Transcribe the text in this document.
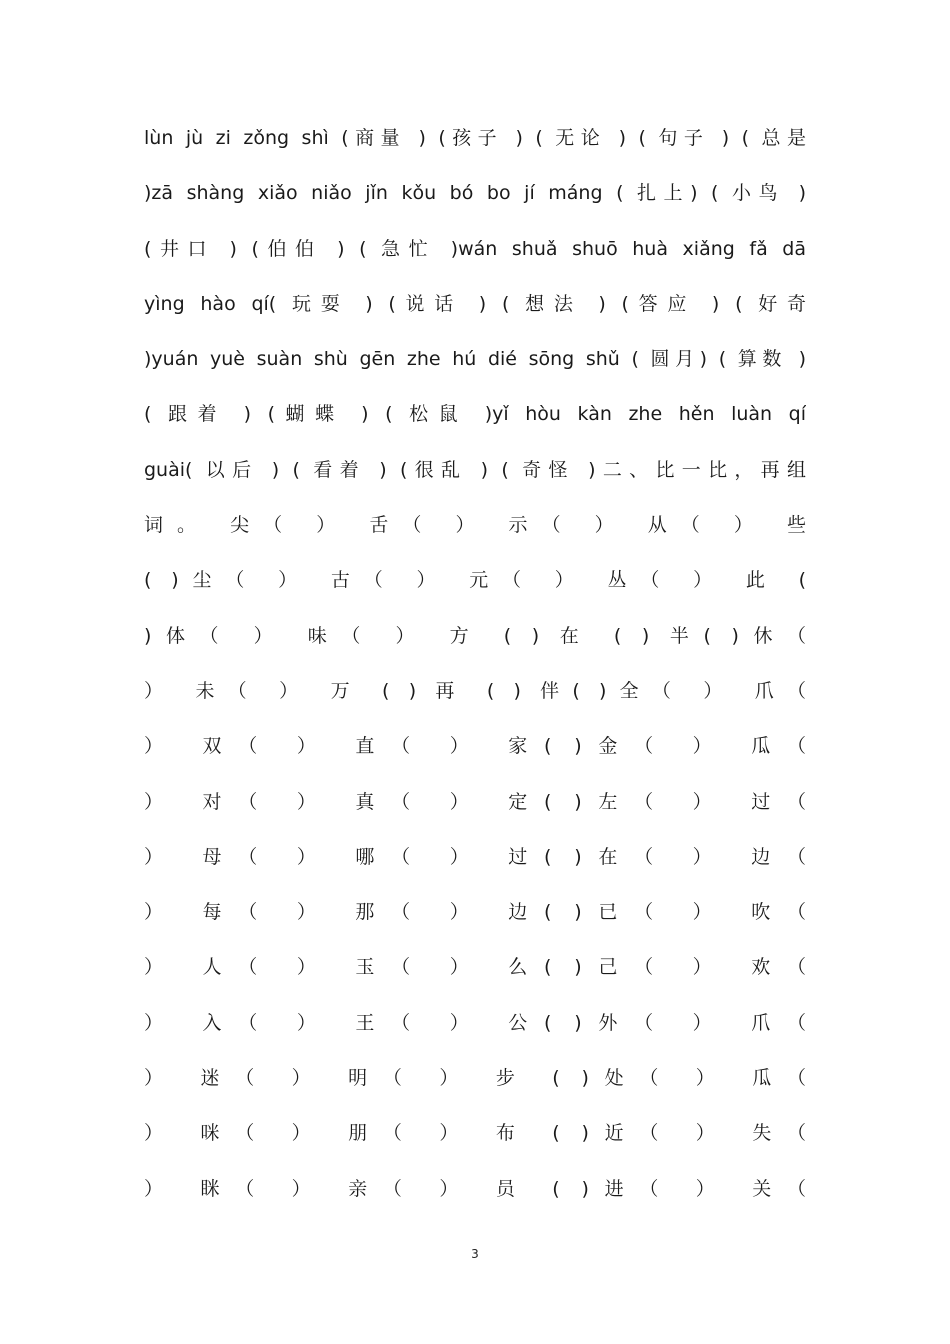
lùn jù zi zǒng shì (商量 ) (孩子 ) ( 无论 ) ( 句子 ) ( 总是
)zā shàng xiǎo niǎo jǐn kǒu bó bo jí máng ( 扎上) ( 小鸟 )
(井口 ) (伯伯 ) ( 急忙 )wán shuǎ shuō huà xiǎng fǎ dā
yìng hào qí( 玩耍 ) (说话 ) ( 想法 ) (答应 ) ( 好奇
)yuán yuè suàn shù gēn zhe hú dié sōng shǔ ( 圆月) ( 算数 )
( 跟着 ) (蝴蝶 ) ( 松鼠 )yǐ hòu kàn zhe hěn luàn qí
guài( 以后 ) ( 看着 ) (很乱 ) ( 奇怪 )二、比一比，再组
词。 尖（ ） 舌（ ） 示（ ） 从（ ） 些
( )尘（ ） 古（ ） 元（ ） 丛（ ） 此 (
)体（ ） 味（ ） 方 ( ) 在 ( ) 半( )休（
） 未（ ） 万 ( ) 再 ( ) 伴( )全（ ） 爪（
） 双（ ） 直（ ） 家( )金（ ） 瓜（
） 对（ ） 真（ ） 定( )左（ ） 过（
） 母（ ） 哪（ ） 过( )在（ ） 边（
） 每（ ） 那（ ） 边( )已（ ） 吹（
） 人（ ） 玉（ ） 么( )己（ ） 欢（
） 入（ ） 王（ ） 公( )外（ ） 爪（
） 迷（ ） 明（ ） 步 ( )处（ ） 瓜（
） 咪（ ） 朋（ ） 布 ( )近（ ） 失（
） 眯（ ） 亲（ ） 员 ( )进（ ） 关（
3
